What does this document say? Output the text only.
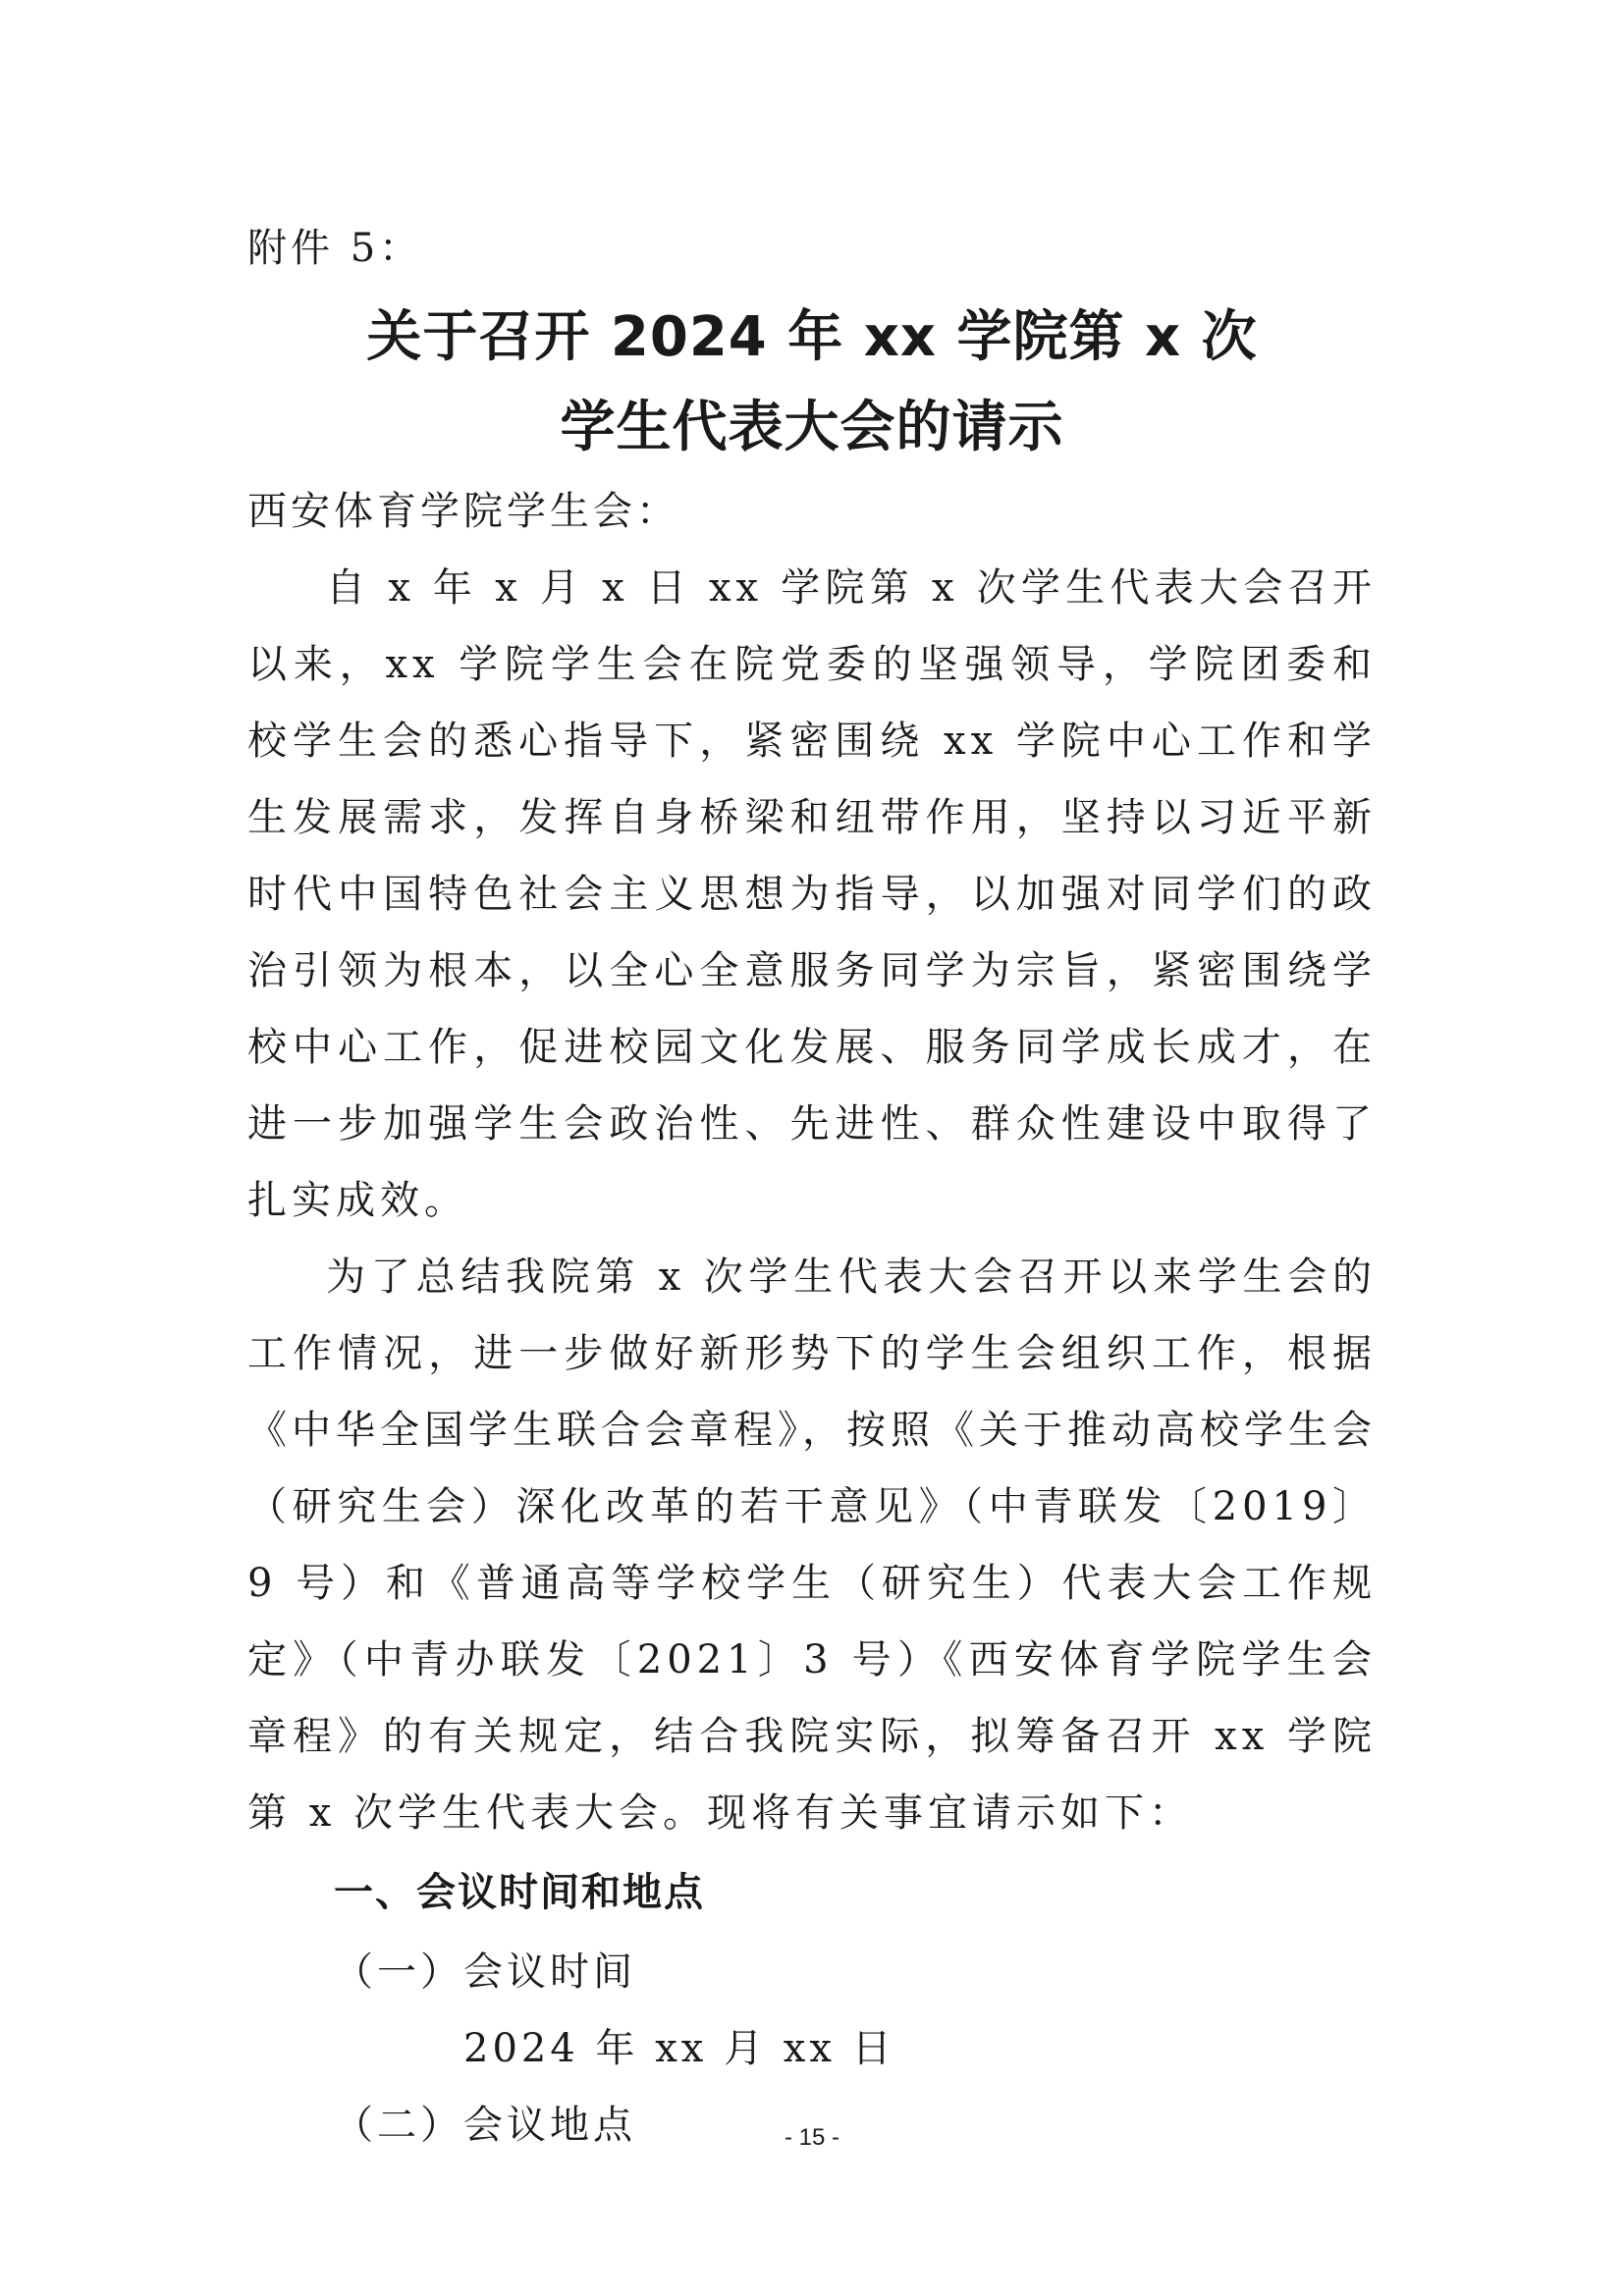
附件 5：

关于召开 2024 年 xx 学院第 x 次
学生代表大会的请示

西安体育学院学生会：

自 x 年 x 月 x 日 xx 学院第 x 次学生代表大会召开以来，xx 学院学生会在院党委的坚强领导，学院团委和校学生会的悉心指导下，紧密围绕 xx 学院中心工作和学生发展需求，发挥自身桥梁和纽带作用，坚持以习近平新时代中国特色社会主义思想为指导，以加强对同学们的政治引领为根本，以全心全意服务同学为宗旨，紧密围绕学校中心工作，促进校园文化发展、服务同学成长成才，在进一步加强学生会政治性、先进性、群众性建设中取得了扎实成效。

为了总结我院第 x 次学生代表大会召开以来学生会的工作情况，进一步做好新形势下的学生会组织工作，根据《中华全国学生联合会章程》，按照《关于推动高校学生会（研究生会）深化改革的若干意见》（中青联发〔2019〕9 号）和《普通高等学校学生（研究生）代表大会工作规定》（中青办联发〔2021〕3 号）《西安体育学院学生会章程》的有关规定，结合我院实际，拟筹备召开 xx 学院第 x 次学生代表大会。现将有关事宜请示如下：

一、会议时间和地点

（一）会议时间

2024 年 xx 月 xx 日

（二）会议地点	- 15 -
